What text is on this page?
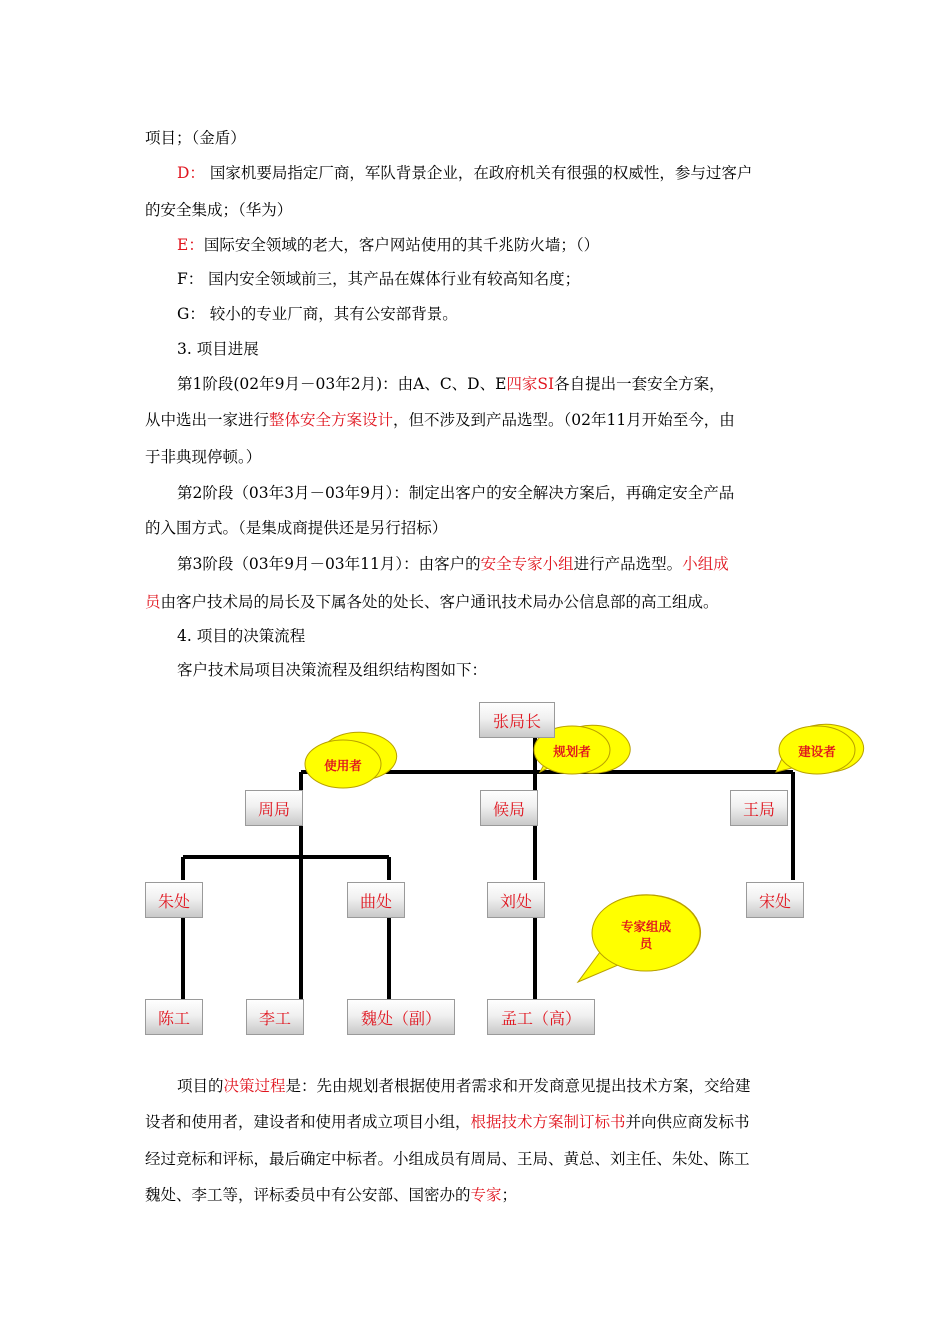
项目；（金盾）
D： 国家机要局指定厂商，军队背景企业，在政府机关有很强的权威性，参与过客户
的安全集成；（华为）
E：国际安全领域的老大，客户网站使用的其千兆防火墙；（）
F： 国内安全领域前三，其产品在媒体行业有较高知名度；
G： 较小的专业厂商，其有公安部背景。
3. 项目进展
第1阶段(02年9月－03年2月)：由A、C、D、E四家SI各自提出一套安全方案，
从中选出一家进行整体安全方案设计，但不涉及到产品选型。（02年11月开始至今，由
于非典现停顿。）
第2阶段（03年3月－03年9月）：制定出客户的安全解决方案后，再确定安全产品
的入围方式。（是集成商提供还是另行招标）
第3阶段（03年9月－03年11月）：由客户的安全专家小组进行产品选型。小组成
员由客户技术局的局长及下属各处的处长、客户通讯技术局办公信息部的高工组成。
4. 项目的决策流程
客户技术局项目决策流程及组织结构图如下：
张局长
周局	候局	王局
朱处	曲处	刘处	宋处
陈工	李工	魏处（副）	孟工（高）
使用者
规划者	建设者
专家组成
员
项目的决策过程是：先由规划者根据使用者需求和开发商意见提出技术方案，交给建
设者和使用者，建设者和使用者成立项目小组，根据技术方案制订标书并向供应商发标书
经过竞标和评标，最后确定中标者。小组成员有周局、王局、黄总、刘主任、朱处、陈工
魏处、李工等，评标委员中有公安部、国密办的专家；
